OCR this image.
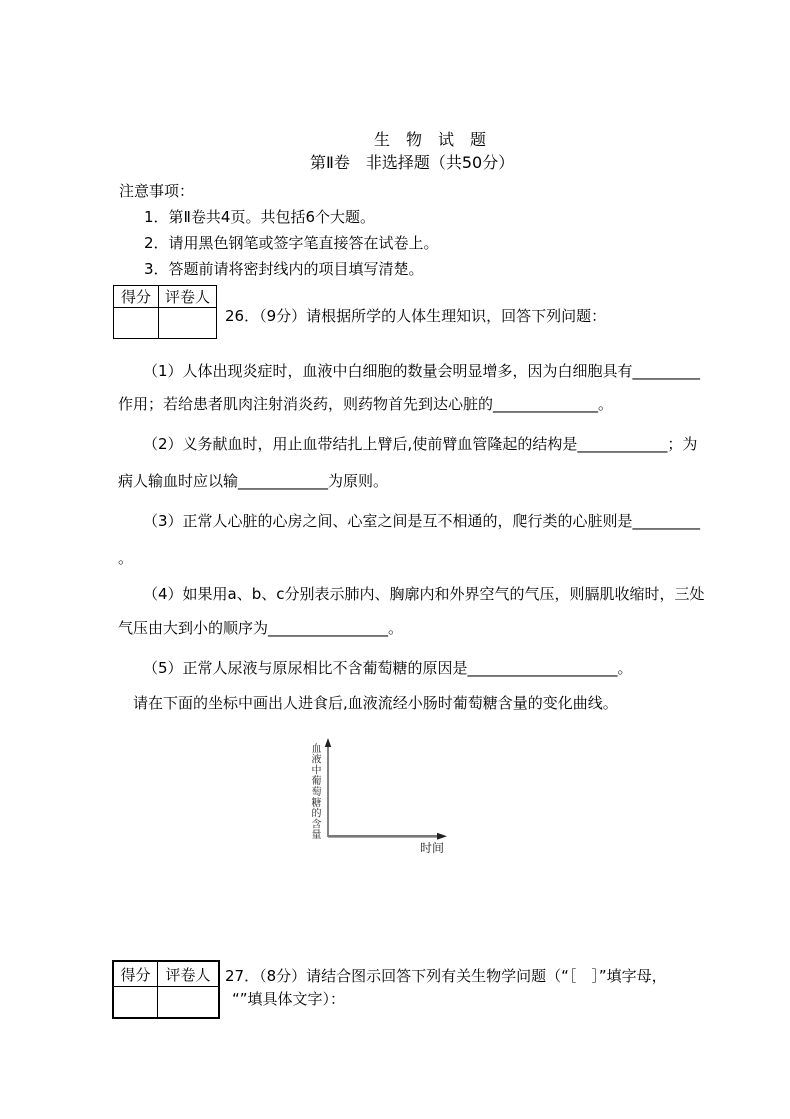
生　物　试　题
第Ⅱ卷　非选择题（共50分）
注意事项：
1．第Ⅱ卷共4页。共包括6个大题。
2．请用黑色钢笔或签字笔直接答在试卷上。
3．答题前请将密封线内的项目填写清楚。
得分	评卷人

26．（9分）请根据所学的人体生理知识，回答下列问题：
（1）人体出现炎症时，血液中白细胞的数量会明显增多，因为白细胞具有_________
作用；若给患者肌肉注射消炎药，则药物首先到达心脏的______________。
（2）义务献血时，用止血带结扎上臂后,使前臂血管隆起的结构是____________；为
病人输血时应以输____________为原则。
（3）正常人心脏的心房之间、心室之间是互不相通的，爬行类的心脏则是_________
。
（4）如果用a、b、c分别表示肺内、胸廓内和外界空气的气压，则膈肌收缩时，三处
气压由大到小的顺序为________________。
（5）正常人尿液与原尿相比不含葡萄糖的原因是____________________。
请在下面的坐标中画出人进食后,血液流经小肠时葡萄糖含量的变化曲线。
血液中葡萄糖的含量
时间
得分	评卷人
	27．（8分）请结合图示回答下列有关生物学问题（“［　］”填字母，
“”填具体文字）：
